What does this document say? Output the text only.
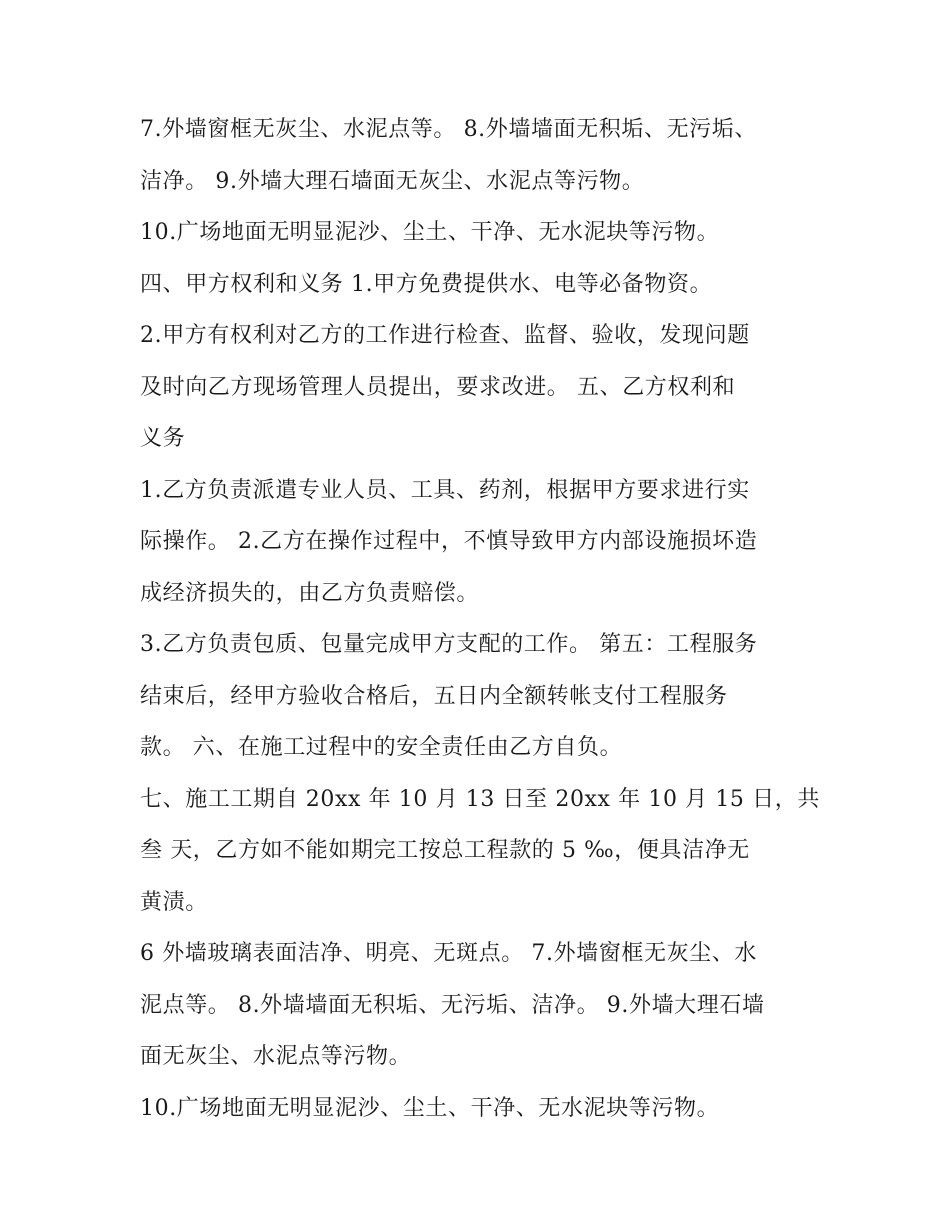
7.外墙窗框无灰尘、水泥点等。 8.外墙墙面无积垢、无污垢、
洁净。 9.外墙大理石墙面无灰尘、水泥点等污物。
10.广场地面无明显泥沙、尘土、干净、无水泥块等污物。
四、甲方权利和义务 1.甲方免费提供水、电等必备物资。
2.甲方有权利对乙方的工作进行检查、监督、验收，发现问题
及时向乙方现场管理人员提出，要求改进。 五、乙方权利和
义务
1.乙方负责派遣专业人员、工具、药剂，根据甲方要求进行实
际操作。 2.乙方在操作过程中，不慎导致甲方内部设施损坏造
成经济损失的，由乙方负责赔偿。
3.乙方负责包质、包量完成甲方支配的工作。 第五：工程服务
结束后，经甲方验收合格后，五日内全额转帐支付工程服务
款。 六、在施工过程中的安全责任由乙方自负。
七、施工工期自 20xx 年 10 月 13 日至 20xx 年 10 月 15 日，共
叁 天，乙方如不能如期完工按总工程款的 5 ‰，便具洁净无
黄渍。
6 外墙玻璃表面洁净、明亮、无斑点。 7.外墙窗框无灰尘、水
泥点等。 8.外墙墙面无积垢、无污垢、洁净。 9.外墙大理石墙
面无灰尘、水泥点等污物。
10.广场地面无明显泥沙、尘土、干净、无水泥块等污物。
